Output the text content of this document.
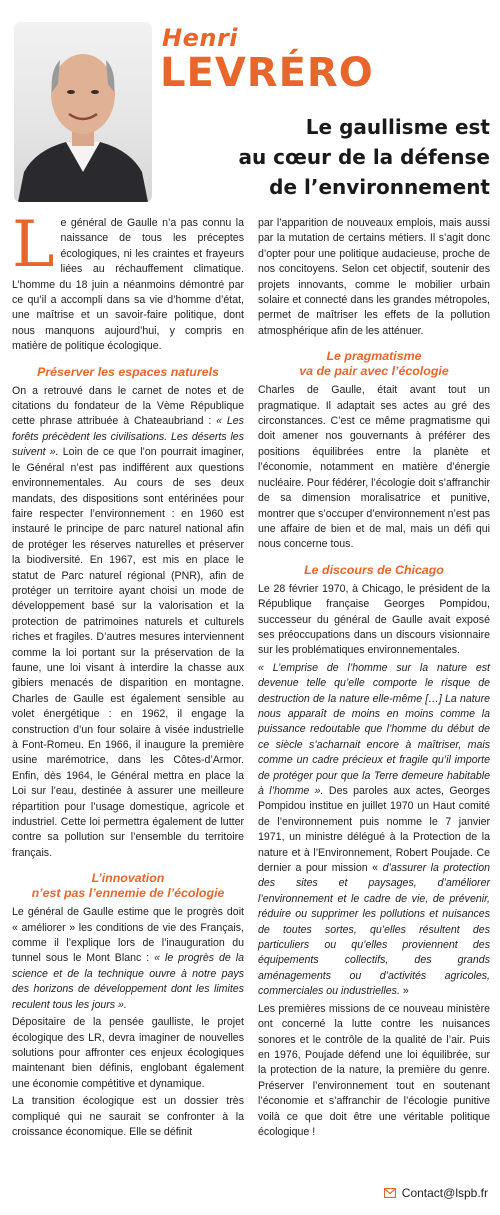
Henri
LEVRÉRO
Le gaullisme est
au cœur de la défense
de l’environnement

Le général de Gaulle n’a pas connu la naissance de tous les préceptes écologiques, ni les craintes et frayeurs liées au réchauffement climatique. L’homme du 18 juin a néanmoins démontré par ce qu’il a accompli dans sa vie d’homme d’état, une maîtrise et un savoir-faire politique, dont nous manquons aujourd’hui, y compris en matière de politique écologique.

Préserver les espaces naturels

On a retrouvé dans le carnet de notes et de citations du fondateur de la Vème République cette phrase attribuée à Chateaubriand : « Les forêts précèdent les civilisations. Les déserts les suivent ». Loin de ce que l’on pourrait imaginer, le Général n’est pas indifférent aux questions environnementales. Au cours de ses deux mandats, des dispositions sont entérinées pour faire respecter l’environnement : en 1960 est instauré le principe de parc naturel national afin de protéger les réserves naturelles et préserver la biodiversité. En 1967, est mis en place le statut de Parc naturel régional (PNR), afin de protéger un territoire ayant choisi un mode de développement basé sur la valorisation et la protection de patrimoines naturels et culturels riches et fragiles. D’autres mesures interviennent comme la loi portant sur la préservation de la faune, une loi visant à interdire la chasse aux gibiers menacés de disparition en montagne. Charles de Gaulle est également sensible au volet énergétique : en 1962, il engage la construction d’un four solaire à visée industrielle à Font-Romeu. En 1966, il inaugure la première usine marémotrice, dans les Côtes-d’Armor. Enfin, dès 1964, le Général mettra en place la Loi sur l’eau, destinée à assurer une meilleure répartition pour l’usage domestique, agricole et industriel. Cette loi permettra également de lutter contre sa pollution sur l’ensemble du territoire français.

L’innovation
n’est pas l’ennemie de l’écologie

Le général de Gaulle estime que le progrès doit « améliorer » les conditions de vie des Français, comme il l’explique lors de l’inauguration du tunnel sous le Mont Blanc : « le progrès de la science et de la technique ouvre à notre pays des horizons de développement dont les limites reculent tous les jours ».

Dépositaire de la pensée gaulliste, le projet écologique des LR, devra imaginer de nouvelles solutions pour affronter ces enjeux écologiques maintenant bien définis, englobant également une économie compétitive et dynamique.

La transition écologique est un dossier très compliqué qui ne saurait se confronter à la croissance économique. Elle se définit

par l’apparition de nouveaux emplois, mais aussi par la mutation de certains métiers. Il s’agit donc d’opter pour une politique audacieuse, proche de nos concitoyens. Selon cet objectif, soutenir des projets innovants, comme le mobilier urbain solaire et connecté dans les grandes métropoles, permet de maîtriser les effets de la pollution atmosphérique afin de les atténuer.

Le pragmatisme
va de pair avec l’écologie

Charles de Gaulle, était avant tout un pragmatique. Il adaptait ses actes au gré des circonstances. C’est ce même pragmatisme qui doit amener nos gouvernants à préférer des positions équilibrées entre la planète et l’économie, notamment en matière d’énergie nucléaire. Pour fédérer, l’écologie doit s’affranchir de sa dimension moralisatrice et punitive, montrer que s’occuper d’environnement n’est pas une affaire de bien et de mal, mais un défi qui nous concerne tous.

Le discours de Chicago

Le 28 février 1970, à Chicago, le président de la République française Georges Pompidou, successeur du général de Gaulle avait exposé ses préoccupations dans un discours visionnaire sur les problématiques environnementales.

« L’emprise de l’homme sur la nature est devenue telle qu’elle comporte le risque de destruction de la nature elle-même […] La nature nous apparaît de moins en moins comme la puissance redoutable que l’homme du début de ce siècle s’acharnait encore à maîtriser, mais comme un cadre précieux et fragile qu’il importe de protéger pour que la Terre demeure habitable à l’homme ». Des paroles aux actes, Georges Pompidou institue en juillet 1970 un Haut comité de l’environnement puis nomme le 7 janvier 1971, un ministre délégué à la Protection de la nature et à l’Environnement, Robert Poujade. Ce dernier a pour mission « d’assurer la protection des sites et paysages, d’améliorer l’environnement et le cadre de vie, de prévenir, réduire ou supprimer les pollutions et nuisances de toutes sortes, qu’elles résultent des particuliers ou qu’elles proviennent des équipements collectifs, des grands aménagements ou d’activités agricoles, commerciales ou industrielles. »

Les premières missions de ce nouveau ministère ont concerné la lutte contre les nuisances sonores et le contrôle de la qualité de l’air. Puis en 1976, Poujade défend une loi équilibrée, sur la protection de la nature, la première du genre. Préserver l’environnement tout en soutenant l’économie et s’affranchir de l’écologie punitive voilà ce que doit être une véritable politique écologique !

Contact@lspb.fr
